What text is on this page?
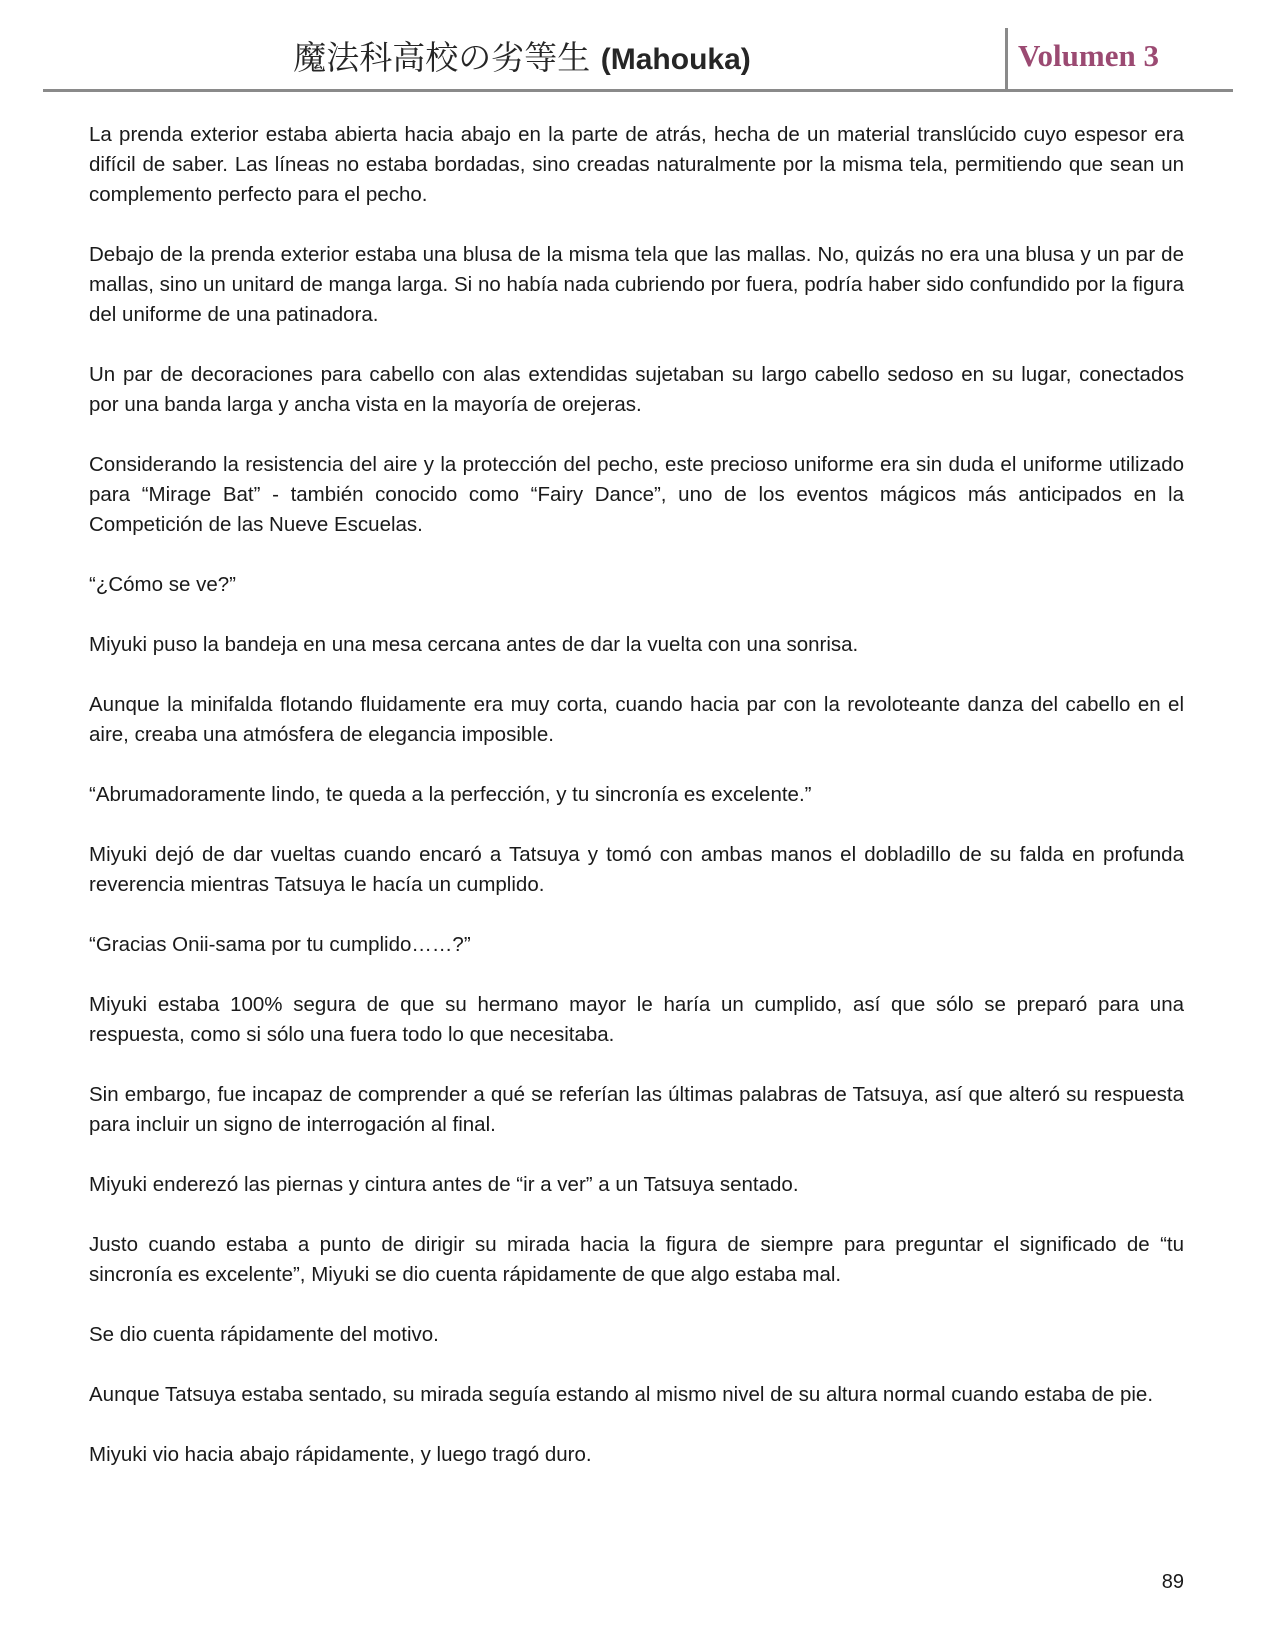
魔法科高校の劣等生 (Mahouka)	Volumen 3

La prenda exterior estaba abierta hacia abajo en la parte de atrás, hecha de un material translúcido cuyo espesor era difícil de saber. Las líneas no estaba bordadas, sino creadas naturalmente por la misma tela, permitiendo que sean un complemento perfecto para el pecho.

Debajo de la prenda exterior estaba una blusa de la misma tela que las mallas. No, quizás no era una blusa y un par de mallas, sino un unitard de manga larga. Si no había nada cubriendo por fuera, podría haber sido confundido por la figura del uniforme de una patinadora.

Un par de decoraciones para cabello con alas extendidas sujetaban su largo cabello sedoso en su lugar, conectados por una banda larga y ancha vista en la mayoría de orejeras.

Considerando la resistencia del aire y la protección del pecho, este precioso uniforme era sin duda el uniforme utilizado para “Mirage Bat” - también conocido como “Fairy Dance”, uno de los eventos mágicos más anticipados en la Competición de las Nueve Escuelas.

“¿Cómo se ve?”

Miyuki puso la bandeja en una mesa cercana antes de dar la vuelta con una sonrisa.

Aunque la minifalda flotando fluidamente era muy corta, cuando hacia par con la revoloteante danza del cabello en el aire, creaba una atmósfera de elegancia imposible.

“Abrumadoramente lindo, te queda a la perfección, y tu sincronía es excelente.”

Miyuki dejó de dar vueltas cuando encaró a Tatsuya y tomó con ambas manos el dobladillo de su falda en profunda reverencia mientras Tatsuya le hacía un cumplido.

“Gracias Onii-sama por tu cumplido……?”

Miyuki estaba 100% segura de que su hermano mayor le haría un cumplido, así que sólo se preparó para una respuesta, como si sólo una fuera todo lo que necesitaba.

Sin embargo, fue incapaz de comprender a qué se referían las últimas palabras de Tatsuya, así que alteró su respuesta para incluir un signo de interrogación al final.

Miyuki enderezó las piernas y cintura antes de “ir a ver” a un Tatsuya sentado.

Justo cuando estaba a punto de dirigir su mirada hacia la figura de siempre para preguntar el significado de “tu sincronía es excelente”, Miyuki se dio cuenta rápidamente de que algo estaba mal.

Se dio cuenta rápidamente del motivo.

Aunque Tatsuya estaba sentado, su mirada seguía estando al mismo nivel de su altura normal cuando estaba de pie.

Miyuki vio hacia abajo rápidamente, y luego tragó duro.

89
